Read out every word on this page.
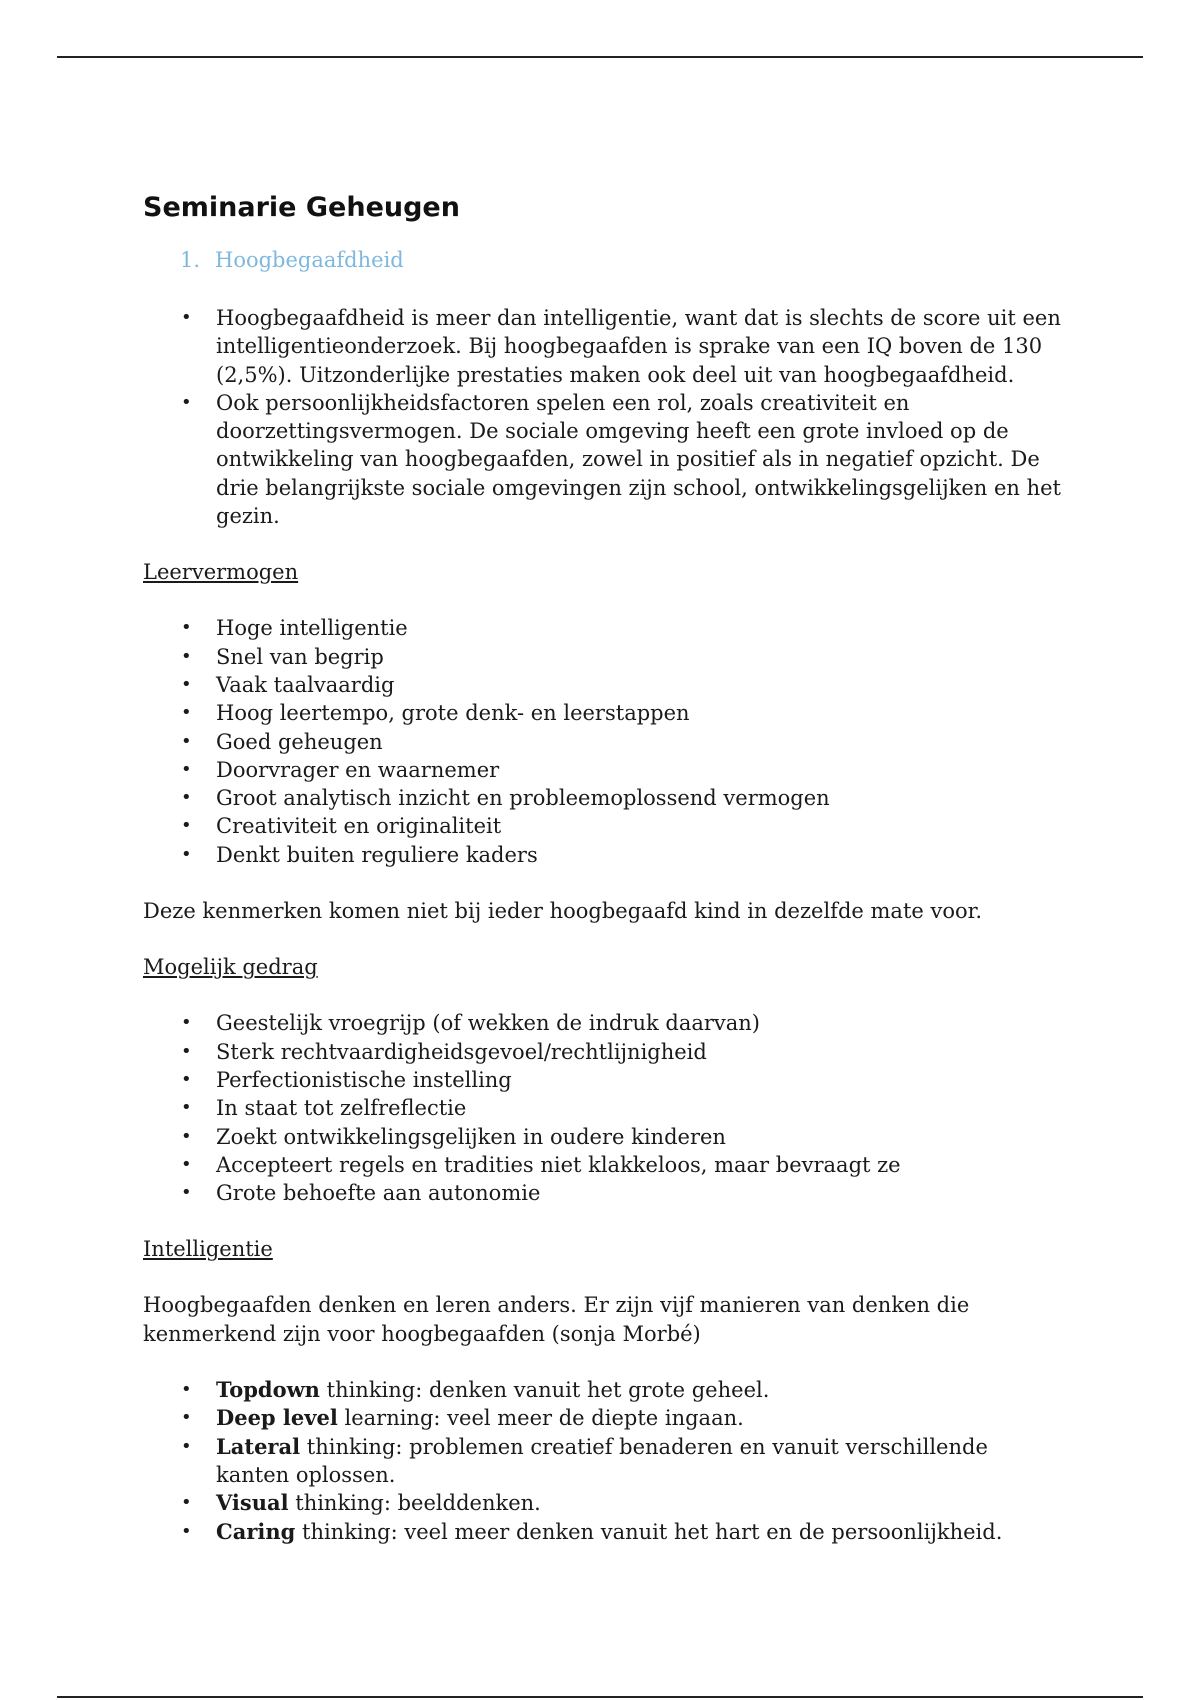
Seminarie Geheugen
1. Hoogbegaafdheid
• Hoogbegaafdheid is meer dan intelligentie, want dat is slechts de score uit een intelligentieonderzoek. Bij hoogbegaafden is sprake van een IQ boven de 130 (2,5%). Uitzonderlijke prestaties maken ook deel uit van hoogbegaafdheid.
• Ook persoonlijkheidsfactoren spelen een rol, zoals creativiteit en doorzettingsvermogen. De sociale omgeving heeft een grote invloed op de ontwikkeling van hoogbegaafden, zowel in positief als in negatief opzicht. De drie belangrijkste sociale omgevingen zijn school, ontwikkelingsgelijken en het gezin.

Leervermogen

• Hoge intelligentie
• Snel van begrip
• Vaak taalvaardig
• Hoog leertempo, grote denk- en leerstappen
• Goed geheugen
• Doorvrager en waarnemer
• Groot analytisch inzicht en probleemoplossend vermogen
• Creativiteit en originaliteit
• Denkt buiten reguliere kaders

Deze kenmerken komen niet bij ieder hoogbegaafd kind in dezelfde mate voor.

Mogelijk gedrag

• Geestelijk vroegrijp (of wekken de indruk daarvan)
• Sterk rechtvaardigheidsgevoel/rechtlijnigheid
• Perfectionistische instelling
• In staat tot zelfreflectie
• Zoekt ontwikkelingsgelijken in oudere kinderen
• Accepteert regels en tradities niet klakkeloos, maar bevraagt ze
• Grote behoefte aan autonomie

Intelligentie

Hoogbegaafden denken en leren anders. Er zijn vijf manieren van denken die kenmerkend zijn voor hoogbegaafden (sonja Morbé)

• Topdown thinking: denken vanuit het grote geheel.
• Deep level learning: veel meer de diepte ingaan.
• Lateral thinking: problemen creatief benaderen en vanuit verschillende kanten oplossen.
• Visual thinking: beelddenken.
• Caring thinking: veel meer denken vanuit het hart en de persoonlijkheid.
